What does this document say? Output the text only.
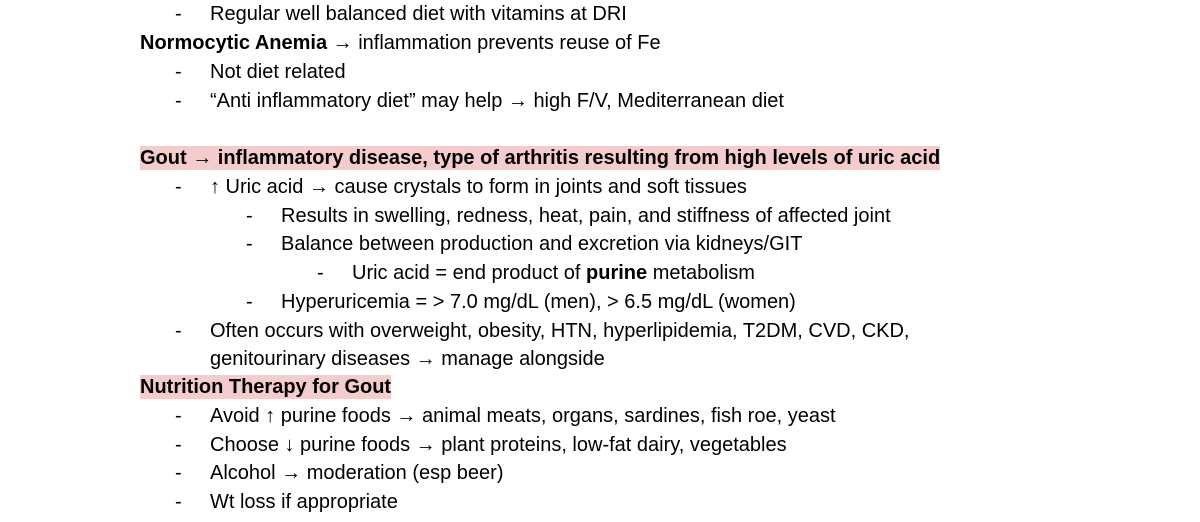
- Regular well balanced diet with vitamins at DRI
Normocytic Anemia → inflammation prevents reuse of Fe
- Not diet related
- “Anti inflammatory diet” may help → high F/V, Mediterranean diet
Gout → inflammatory disease, type of arthritis resulting from high levels of uric acid
- ↑ Uric acid → cause crystals to form in joints and soft tissues
- Results in swelling, redness, heat, pain, and stiffness of affected joint
- Balance between production and excretion via kidneys/GIT
- Uric acid = end product of purine metabolism
- Hyperuricemia = > 7.0 mg/dL (men), > 6.5 mg/dL (women)
- Often occurs with overweight, obesity, HTN, hyperlipidemia, T2DM, CVD, CKD,
genitourinary diseases → manage alongside
Nutrition Therapy for Gout
- Avoid ↑ purine foods → animal meats, organs, sardines, fish roe, yeast
- Choose ↓ purine foods → plant proteins, low-fat dairy, vegetables
- Alcohol → moderation (esp beer)
- Wt loss if appropriate
